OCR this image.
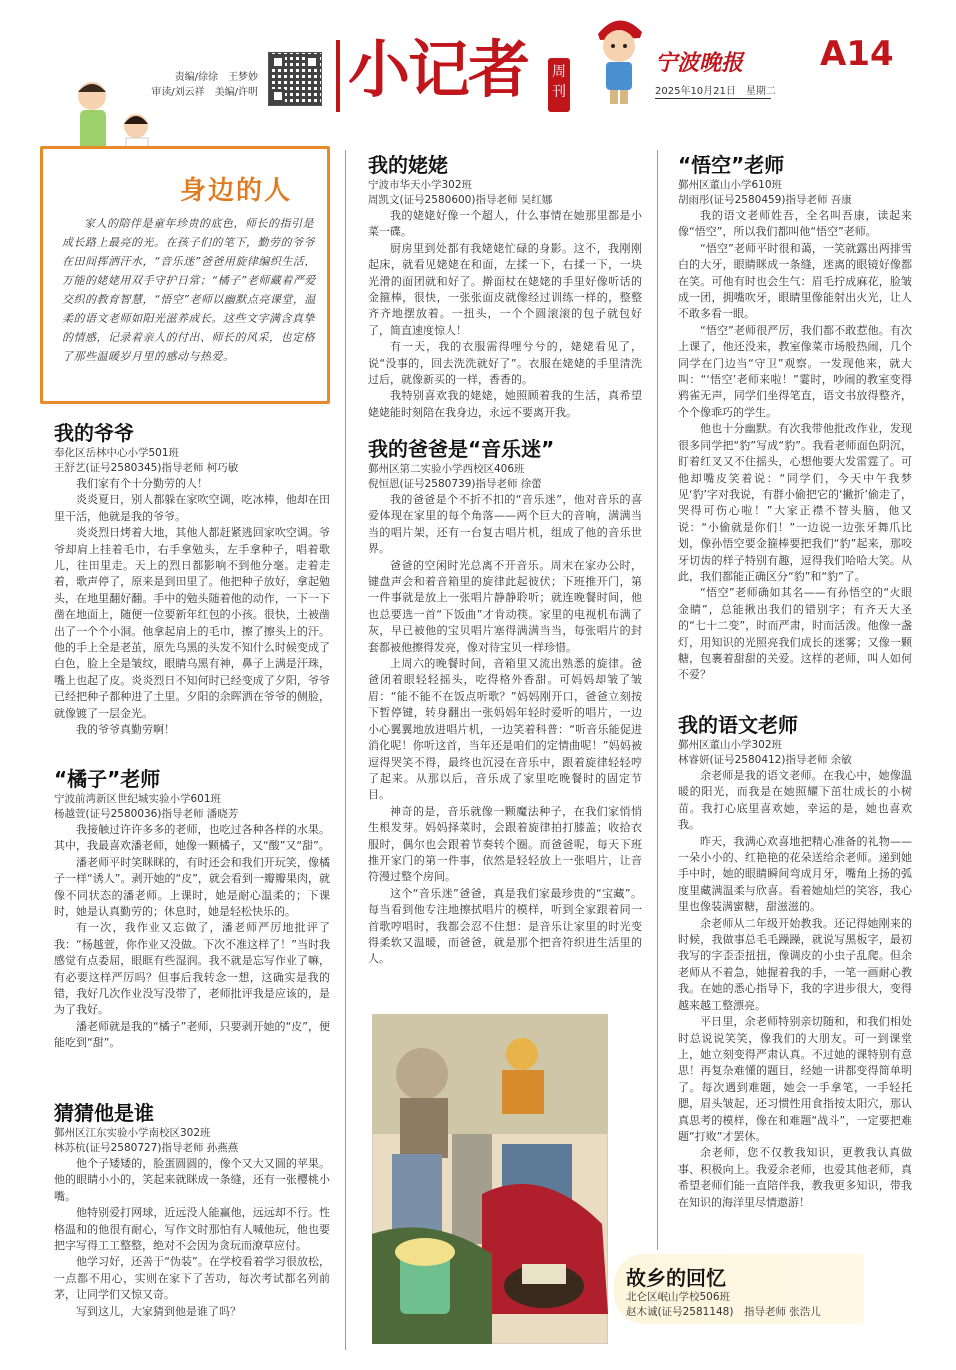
责编/徐徐　王梦妙
审读/刘云祥　美编/许明 小记者 周刊
宁波晚报 A14
2025年10月21日　星期二
身边的人
家人的陪伴是童年珍贵的底色，师长的指引是成长路上最亮的光。在孩子们的笔下，勤劳的爷爷在田间挥洒汗水，“音乐迷”爸爸用旋律编织生活，万能的姥姥用双手守护日常；“橘子”老师藏着严爱交织的教育智慧，“悟空”老师以幽默点亮课堂，温柔的语文老师如阳光滋养成长。这些文字满含真挚的情感，记录着亲人的付出、师长的风采，也定格了那些温暖岁月里的感动与热爱。
我的爷爷
奉化区岳林中心小学501班
王舒艺(证号2580345)指导老师 柯巧敏

我们家有个十分勤劳的人！

炎炎夏日，别人都躲在家吹空调，吃冰棒，他却在田里干活，他就是我的爷爷。

炎炎烈日烤着大地，其他人都赶紧逃回家吹空调。爷爷却肩上挂着毛巾，右手拿勉头，左手拿种子，唱着歌儿，往田里走。天上的烈日都影响不到他分毫。走着走着，歌声停了，原来是到田里了。他把种子放好，拿起勉头，在地里翻好翻。手中的勉头随着他的动作，一下一下凿在地面上，随便一位要新年红包的小孩。很快，土被凿出了一个个小洞。他拿起肩上的毛巾，擦了擦头上的汗。他的手上全是老茧，原先乌黑的头发不知什么时候变成了白色，脸上全是皱纹，眼睛乌黑有神，鼻子上满是汗珠，嘴上也起了皮。炎炎烈日不知何时已经变成了夕阳，爷爷已经把种子都种进了土里。夕阳的余晖洒在爷爷的侧脸，就像镀了一层金光。

我的爷爷真勤劳啊！

“橘子”老师
宁波前湾新区世纪城实验小学601班
杨越萱(证号2580036)指导老师 潘晓芳

我接触过许许多多的老师，也吃过各种各样的水果。其中，我最喜欢潘老师，她像一颗橘子，又“酸”又“甜”。

潘老师平时笑眯眯的，有时还会和我们开玩笑，像橘子一样“诱人”。剥开她的“皮”，就会看到一瓣瓣果肉，就像不同状态的潘老师。上课时，她是耐心温柔的；下课时，她是认真勤劳的；休息时，她是轻松快乐的。

有一次，我作业又忘做了，潘老师严厉地批评了我：“杨越萱，你作业又没做。下次不准这样了！”当时我感觉有点委屈，眼眶有些湿润。我不就是忘写作业了嘛，有必要这样严厉吗？但事后我转念一想，这确实是我的错，我好几次作业没写没带了，老师批评我是应该的，是为了我好。

潘老师就是我的“橘子”老师，只要剥开她的“皮”，便能吃到“甜”。

猜猜他是谁
鄞州区江东实验小学南校区302班
林苏杭(证号2580727)指导老师 孙燕燕

他个子矮矮的，脸蛋圆圆的，像个又大又圆的苹果。他的眼睛小小的，笑起来就眯成一条缝，还有一张樱桃小嘴。

他特别爱打网球，近远没人能赢他，远远却不行。性格温和的他很有耐心，写作文时那怕有人喊他玩，他也要把字写得工工整整，绝对不会因为贪玩而潦草应付。

他学习好，还善于“伪装”。在学校看着学习很放松，一点都不用心，实则在家下了苦功，每次考试都名列前茅，让同学们又惊又奇。

写到这儿，大家猜到他是谁了吗？

我的姥姥
宁波市华天小学302班
周凯文(证号2580600)指导老师 吴红娜

我的姥姥好像一个超人，什么事情在她那里都是小菜一碟。

厨房里到处都有我姥姥忙碌的身影。这不，我刚刚起床，就看见姥姥在和面，左揉一下，右揉一下，一块光滑的面团就和好了。擀面杖在姥姥的手里好像听话的金箍棒，很快，一张张面皮就像经过训练一样的，整整齐齐地摆放着。一扭头，一个个圆滚滚的包子就包好了，简直速度惊人！

有一天，我的衣服需得哩兮兮的，姥姥看见了，说“没事的，回去洗洗就好了”。衣服在姥姥的手里清洗过后，就像新买的一样，香香的。

我特别喜欢我的姥姥，她照顾着我的生活，真希望姥姥能时刻陪在我身边，永远不要离开我。

我的爸爸是“音乐迷”
鄞州区第二实验小学西校区406班
倪恒恩(证号2580739)指导老师 徐蕾

我的爸爸是个不折不扣的“音乐迷”，他对音乐的喜爱体现在家里的每个角落——两个巨大的音响，满满当当的唱片架，还有一台复古唱片机，组成了他的音乐世界。

爸爸的空闲时光总离不开音乐。周末在家办公时，键盘声会和着音箱里的旋律此起彼伏；下班推开门，第一件事就是放上一张唱片静静聆听；就连晚餐时间，他也总要选一首“下饭曲”才肯动筷。家里的电视机布满了灰，早已被他的宝贝唱片塞得满满当当，每张唱片的封套都被他擦得发亮，像对待宝贝一样珍惜。

上周六的晚餐时间，音箱里又流出熟悉的旋律。爸爸闭着眼轻轻摇头，吃得格外香甜。可妈妈却皱了皱眉：“能不能不在饭点听歌？”妈妈刚开口，爸爸立刻按下暂停键，转身翻出一张妈妈年轻时爱听的唱片，一边小心翼翼地放进唱片机，一边笑着科普：“听音乐能促进消化呢！你听这首，当年还是咱们的定情曲呢！”妈妈被逗得哭笑不得，最终也沉浸在音乐中，跟着旋律轻轻哼了起来。从那以后，音乐成了家里吃晚餐时的固定节目。

神奇的是，音乐就像一颗魔法种子，在我们家悄悄生根发芽。妈妈择菜时，会跟着旋律拍打膝盖；收拾衣服时，偶尔也会跟着节奏转个圈。而爸爸呢，每天下班推开家门的第一件事，依然是轻轻放上一张唱片，让音符漫过整个房间。

这个“音乐迷”爸爸，真是我们家最珍贵的“宝藏”。每当看到他专注地擦拭唱片的模样，听到全家跟着同一首歌哼唱时，我都会忍不住想：是音乐让家里的时光变得柔软又温暖，而爸爸，就是那个把音符织进生活里的人。

故乡的回忆
北仑区岷山学校506班
赵木诚(证号2581148)　指导老师 张浩儿
“悟空”老师
鄞州区董山小学610班
胡雨彤(证号2580459)指导老师 吾康

我的语文老师姓吾，全名叫吾康，读起来像“悟空”，所以我们都叫他“悟空”老师。

“悟空”老师平时很和蔼，一笑就露出两排雪白的大牙，眼睛眯成一条缝，迷离的眼镜好像都在笑。可他有时也会生气：眉毛拧成麻花，脸皱成一团，拥嘴吹牙，眼睛里像能射出火光，让人不敢多看一眼。

“悟空”老师很严厉，我们都不敢惹他。有次上课了，他还没来，教室像菜市场般热闹，几个同学在门边当“守卫”观察。一发现他来，就大叫：“‘悟空’老师来啦！”霎时，吵闹的教室变得鸦雀无声，同学们坐得笔直，语文书放得整齐，个个像乖巧的学生。

他也十分幽默。有次我带他批改作业，发现很多同学把“豹”写成“豹”。我看老师面色阴沉，盯着红叉又不住摇头，心想他要大发雷霆了。可他却嘴皮笑着说：“同学们，今天中午我梦见‘豹’字对我说，有群小偷把它的‘撇折’偷走了，哭得可伤心啦！”大家正襟不替头脑，他又说：“小偷就是你们！”一边说一边张牙舞爪比划，像孙悟空要金箍棒要把我们“豹”起来，那咬牙切齿的样子特别有趣，逗得我们哈哈大笑。从此，我们都能正确区分“豹”和“豹”了。

“悟空”老师确如其名——有孙悟空的“火眼金睛”，总能揪出我们的错别字；有齐天大圣的“七十二变”，时而严肃，时而活泼。他像一盏灯，用知识的光照亮我们成长的迷雾；又像一颗糖，包裹着甜甜的关爱。这样的老师，叫人如何不爱？

我的语文老师
鄞州区董山小学302班
林睿妍(证号2580412)指导老师 余敏

余老师是我的语文老师。在我心中，她像温暖的阳光，而我是在她照耀下茁壮成长的小树苗。我打心底里喜欢她，幸运的是，她也喜欢我。

昨天，我满心欢喜地把精心准备的礼物——一朵小小的、红艳艳的花朵送给余老师。递到她手中时，她的眼睛瞬间弯成月牙，嘴角上扬的弧度里藏满温柔与欣喜。看着她灿烂的笑容，我心里也像装满蜜糖，甜滋滋的。

余老师从二年级开始教我。还记得她刚来的时候，我做事总毛毛躁躁，就说写黑板字，最初我写的字歪歪扭扭，像调皮的小虫子乱爬。但余老师从不着急，她握着我的手，一笔一画耐心教我。在她的悉心指导下，我的字进步很大，变得越来越工整漂亮。

平日里，余老师特别亲切随和，和我们相处时总说说笑笑，像我们的大朋友。可一到课堂上，她立刻变得严肃认真。不过她的课特别有意思！再复杂难懂的题目，经她一讲都变得简单明了。每次遇到难题，她会一手拿笔，一手轻托腮，眉头皱起，还习惯性用食指按太阳穴，那认真思考的模样，像在和难题“战斗”，一定要把难题“打败”才罢休。

余老师，您不仅教我知识，更教我认真做事、积极向上。我爱余老师，也爱其他老师，真希望老师们能一直陪伴我，教我更多知识，带我在知识的海洋里尽情遨游！
